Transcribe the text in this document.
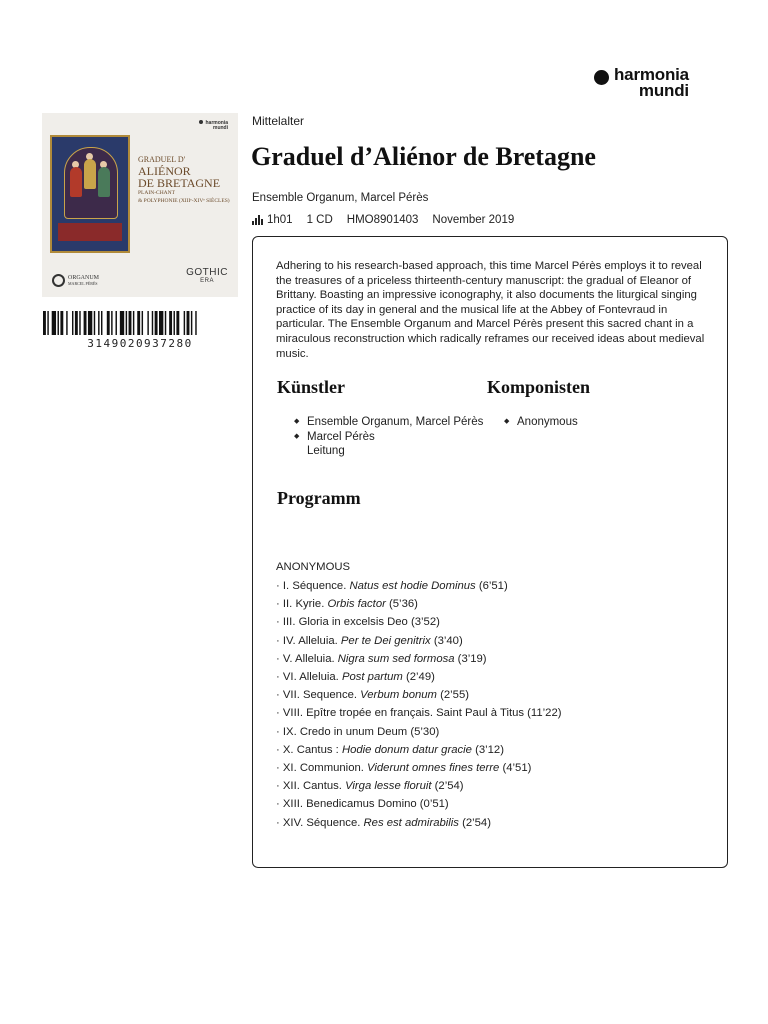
harmonia
mundi
harmonia
mundi
GRADUEL D'
ALIÉNOR
DE BRETAGNE
PLAIN-CHANT
& POLYPHONIE (XIIIᵉ-XIVᵉ SIÈCLES)
ORGANUM
MARCEL PÉRÈS
GOTHIC
ERA
3149020937280
Mittelalter
Graduel d’Aliénor de Bretagne
Ensemble Organum, Marcel Pérès
1h01 1 CD HMO8901403 November 2019

Adhering to his research-based approach, this time Marcel Pérès employs it to reveal the treasures of a priceless thirteenth-century manuscript: the gradual of Eleanor of Brittany. Boasting an impressive iconography, it also documents the liturgical singing practice of its day in general and the musical life at the Abbey of Fontevraud in particular. The Ensemble Organum and Marcel Pérès present this sacred chant in a miraculous reconstruction which radically reframes our received ideas about medieval music.

Künstler	Komponisten
◆ Ensemble Organum, Marcel Pérès
◆ Marcel Pérès
Leitung
◆ Anonymous
Programm
ANONYMOUS
· I. Séquence. Natus est hodie Dominus (6’51)
· II. Kyrie. Orbis factor (5’36)
· III. Gloria in excelsis Deo (3’52)
· IV. Alleluia. Per te Dei genitrix (3’40)
· V. Alleluia. Nigra sum sed formosa (3’19)
· VI. Alleluia. Post partum (2’49)
· VII. Sequence. Verbum bonum (2’55)
· VIII. Epître tropée en français. Saint Paul à Titus (11’22)
· IX. Credo in unum Deum (5’30)
· X. Cantus : Hodie donum datur gracie (3’12)
· XI. Communion. Viderunt omnes fines terre (4’51)
· XII. Cantus. Virga lesse floruit (2’54)
· XIII. Benedicamus Domino (0’51)
· XIV. Séquence. Res est admirabilis (2’54)
